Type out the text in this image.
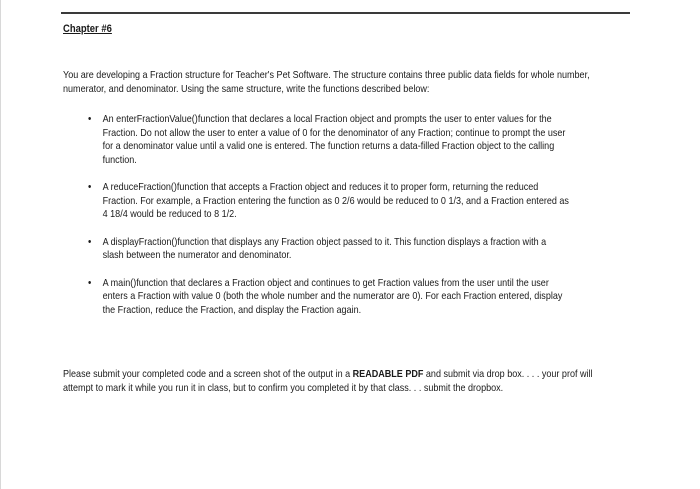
Chapter #6
You are developing a Fraction structure for Teacher's Pet Software. The structure contains three public data fields for whole number, numerator, and denominator. Using the same structure, write the functions described below:
• An enterFractionValue()function that declares a local Fraction object and prompts the user to enter values for the Fraction. Do not allow the user to enter a value of 0 for the denominator of any Fraction; continue to prompt the user for a denominator value until a valid one is entered. The function returns a data-filled Fraction object to the calling function.
• A reduceFraction()function that accepts a Fraction object and reduces it to proper form, returning the reduced Fraction. For example, a Fraction entering the function as 0 2/6 would be reduced to 0 1/3, and a Fraction entered as 4 18/4 would be reduced to 8 1/2.
• A displayFraction()function that displays any Fraction object passed to it. This function displays a fraction with a slash between the numerator and denominator.
• A main()function that declares a Fraction object and continues to get Fraction values from the user until the user enters a Fraction with value 0 (both the whole number and the numerator are 0). For each Fraction entered, display the Fraction, reduce the Fraction, and display the Fraction again.
Please submit your completed code and a screen shot of the output in a READABLE PDF and submit via drop box. . . . your prof will attempt to mark it while you run it in class, but to confirm you completed it by that class. . . submit the dropbox.
